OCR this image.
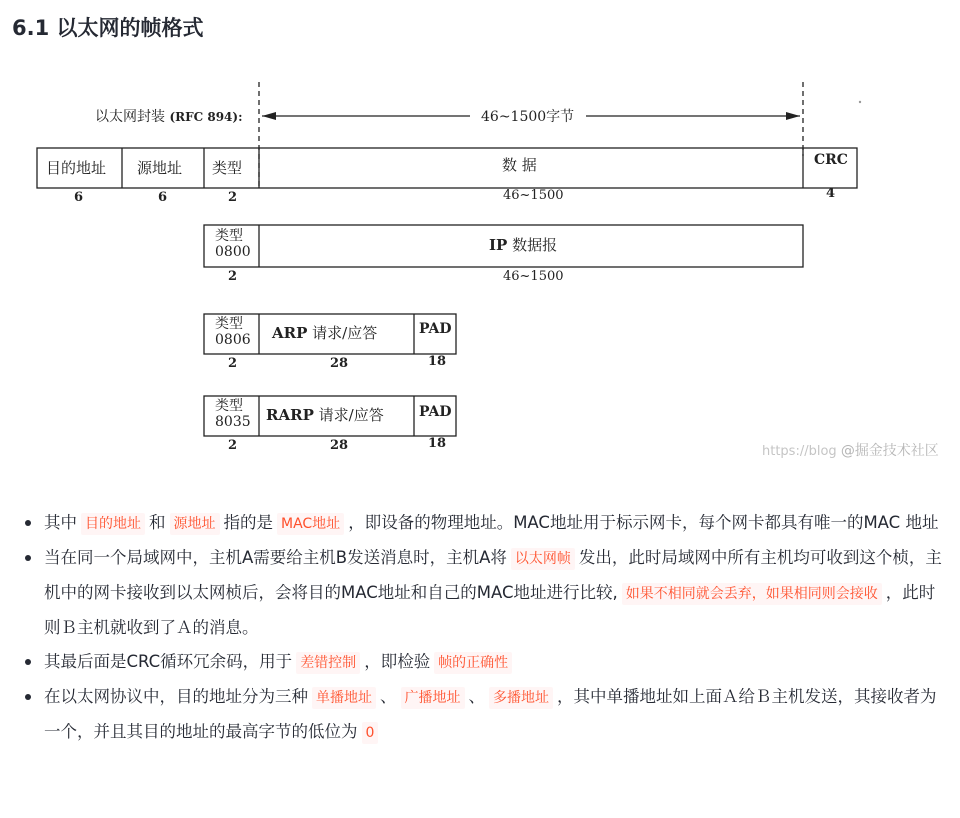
6.1 以太网的帧格式
以太网封装 (RFC 894):	46~1500字节
目的地址 源地址 类型	数 据	CRC
6	6	2	46~1500	4
类型
0800	IP 数据报
2	46~1500
类型
0806 ARP 请求/应答	PAD
2	28	18
类型
8035 RARP 请求/应答	PAD
2	28	18
https://blog @掘金技术社区
其中 目的地址 和 源地址 指的是 MAC地址 ，即设备的物理地址。MAC地址用于标示网卡，每个网卡都具有唯一的MAC 地址
当在同一个局域网中，主机A需要给主机B发送消息时，主机A将 以太网帧 发出，此时局域网中所有主机均可收到这个桢，主机中的网卡接收到以太网桢后，会将目的MAC地址和自己的MAC地址进行比较, 如果不相同就会丢弃，如果相同则会接收 ，此时则Ｂ主机就收到了Ａ的消息。
其最后面是CRC循环冗余码，用于 差错控制 ，即检验 帧的正确性
在以太网协议中，目的地址分为三种 单播地址 、 广播地址 、 多播地址 ，其中单播地址如上面Ａ给Ｂ主机发送，其接收者为一个，并且其目的地址的最高字节的低位为 0
